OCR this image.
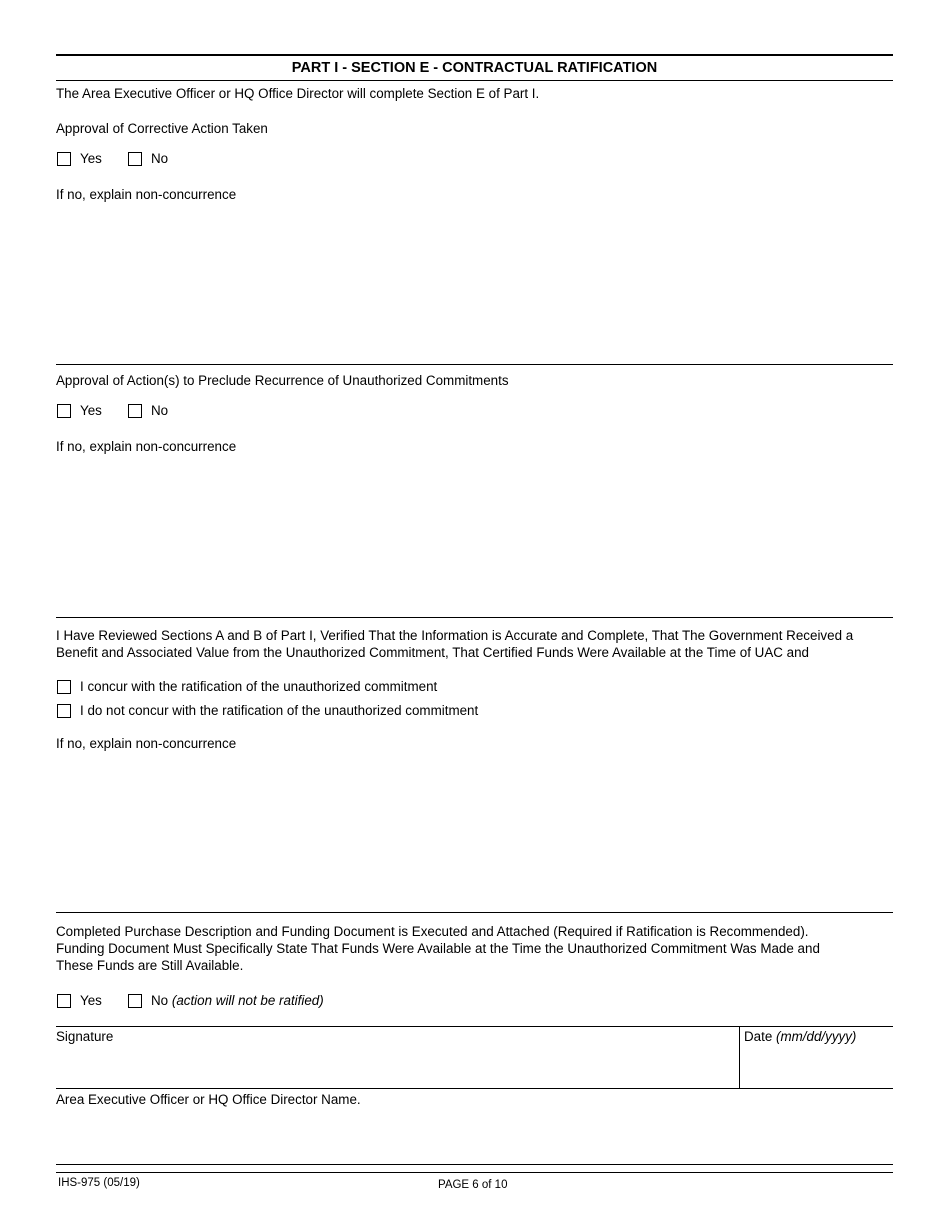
PART I - SECTION E - CONTRACTUAL RATIFICATION
The Area Executive Officer or HQ Office Director will complete Section E of Part I.
Approval of Corrective Action Taken
Yes	No
If no, explain non-concurrence
Approval of Action(s) to Preclude Recurrence of Unauthorized Commitments
Yes	No
If no, explain non-concurrence
I Have Reviewed Sections A and B of Part I, Verified That the Information is Accurate and Complete, That The Government Received a
Benefit and Associated Value from the Unauthorized Commitment, That Certified Funds Were Available at the Time of UAC and
I concur with the ratification of the unauthorized commitment
I do not concur with the ratification of the unauthorized commitment
If no, explain non-concurrence
Completed Purchase Description and Funding Document is Executed and Attached (Required if Ratification is Recommended).
Funding Document Must Specifically State That Funds Were Available at the Time the Unauthorized Commitment Was Made and
These Funds are Still Available.
Yes	No (action will not be ratified)
Signature	Date (mm/dd/yyyy)
Area Executive Officer or HQ Office Director Name.
IHS-975 (05/19)	PAGE 6 of 10
